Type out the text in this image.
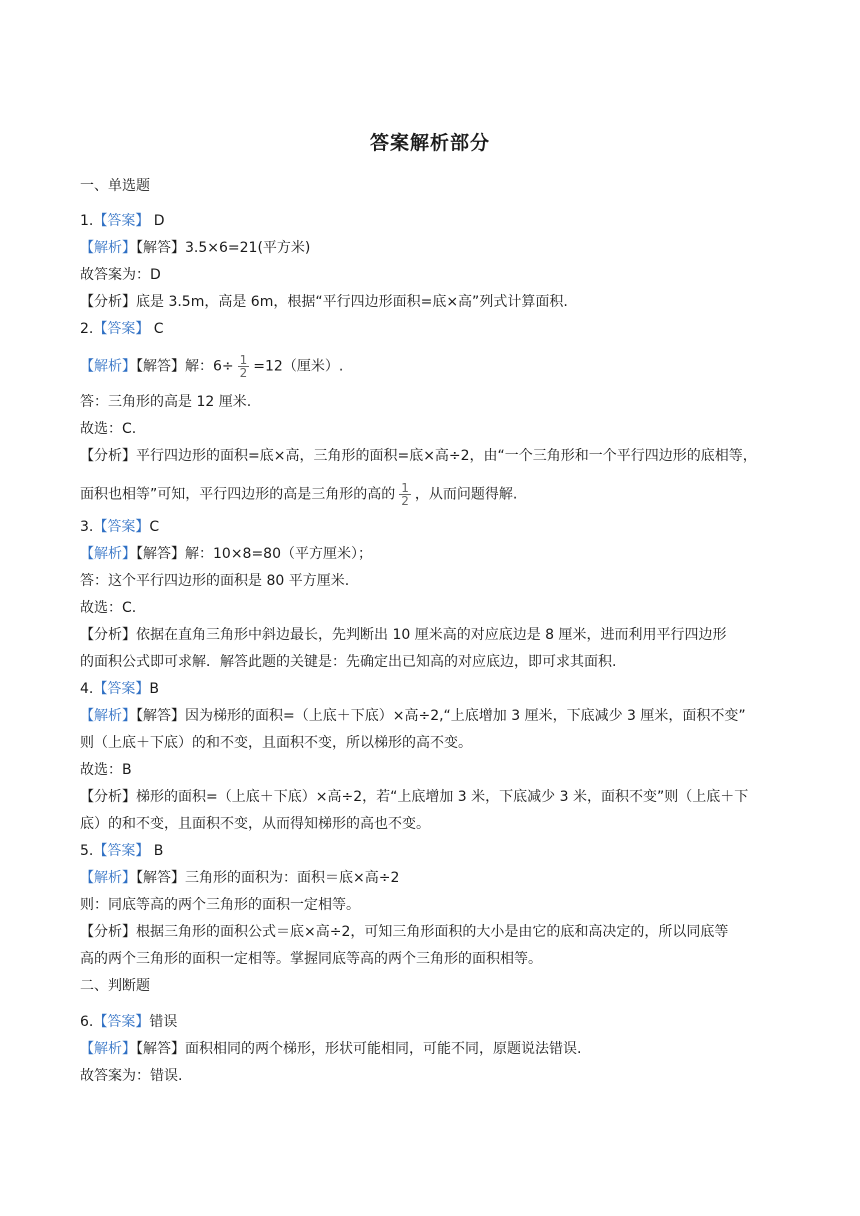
答案解析部分
一、单选题
1.【答案】 D
【解析】【解答】3.5×6=21(平方米)
故答案为：D
【分析】底是 3.5m，高是 6m，根据“平行四边形面积=底×高”列式计算面积.
2.【答案】 C
【解析】【解答】解：$6\div \frac{1}{2} =12$（厘米）.
答：三角形的高是 12 厘米.
故选：C.
【分析】平行四边形的面积=底×高，三角形的面积=底×高÷2，由“一个三角形和一个平行四边形的底相等，
面积也相等”可知，平行四边形的高是三角形的高的 $\frac{1}{2}$ ，从而问题得解.
3.【答案】C
【解析】【解答】解：10×8=80（平方厘米）；
答：这个平行四边形的面积是 80 平方厘米.
故选：C.
【分析】依据在直角三角形中斜边最长，先判断出 10 厘米高的对应底边是 8 厘米，进而利用平行四边形
的面积公式即可求解．解答此题的关键是：先确定出已知高的对应底边，即可求其面积.
4.【答案】B
【解析】【解答】因为梯形的面积=（上底＋下底）×高÷2,“上底增加 3 厘米，下底减少 3 厘米，面积不变”
则（上底＋下底）的和不变，且面积不变，所以梯形的高不变。
故选：B
【分析】梯形的面积=（上底＋下底）×高÷2，若“上底增加 3 米，下底减少 3 米，面积不变”则（上底＋下
底）的和不变，且面积不变，从而得知梯形的高也不变。
5.【答案】 B
【解析】【解答】三角形的面积为：面积＝底×高÷2
则：同底等高的两个三角形的面积一定相等。
【分析】根据三角形的面积公式＝底×高÷2，可知三角形面积的大小是由它的底和高决定的，所以同底等
高的两个三角形的面积一定相等。掌握同底等高的两个三角形的面积相等。
二、判断题
6.【答案】错误
【解析】【解答】面积相同的两个梯形，形状可能相同，可能不同，原题说法错误.
故答案为：错误.
